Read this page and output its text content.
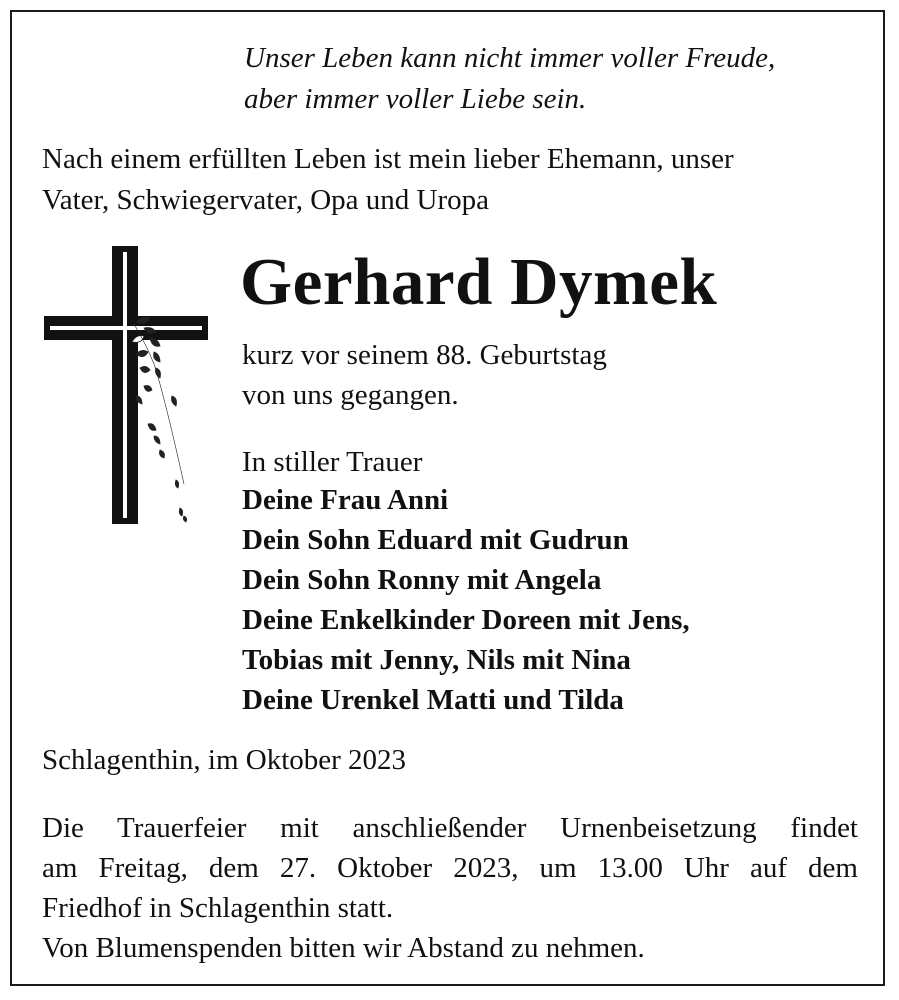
Unser Leben kann nicht immer voller Freude,
aber immer voller Liebe sein.
Nach einem erfüllten Leben ist mein lieber Ehemann, unser
Vater, Schwiegervater, Opa und Uropa
Gerhard Dymek
kurz vor seinem 88. Geburtstag
von uns gegangen.
In stiller Trauer
Deine Frau Anni
Dein Sohn Eduard mit Gudrun
Dein Sohn Ronny mit Angela
Deine Enkelkinder Doreen mit Jens,
Tobias mit Jenny, Nils mit Nina
Deine Urenkel Matti und Tilda
Schlagenthin, im Oktober 2023
Die Trauerfeier mit anschließender Urnenbeisetzung findet
am Freitag, dem 27. Oktober 2023, um 13.00 Uhr auf dem
Friedhof in Schlagenthin statt.
Von Blumenspenden bitten wir Abstand zu nehmen.
